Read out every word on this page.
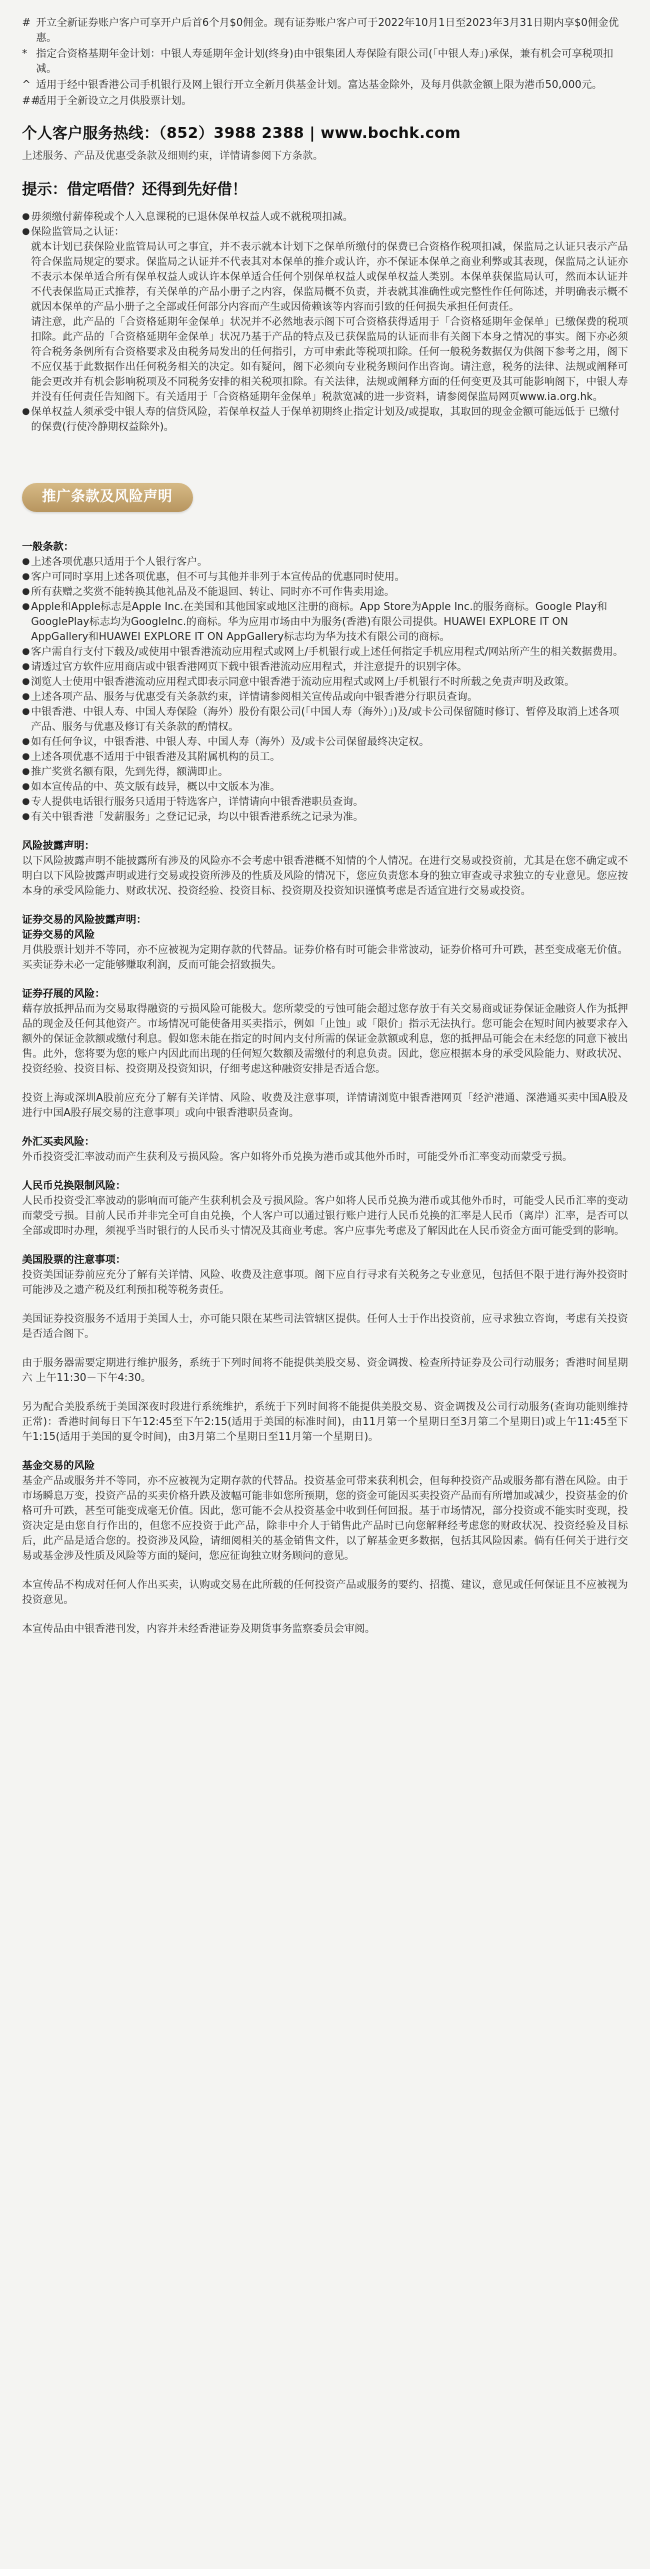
# 开立全新证券账户客户可享开户后首6个月$0佣金。现有证券账户客户可于2022年10月1日至2023年3月31日期内享$0佣金优惠。
* 指定合资格基期年金计划：中银人寿延期年金计划(终身)由中银集团人寿保险有限公司(「中银人寿」)承保，兼有机会可享税项扣减。
^ 适用于经中银香港公司手机银行及网上银行开立全新月供基金计划。富达基金除外，及每月供款金额上限为港币50,000元。
##
适用于全新设立之月供股票计划。
个人客户服务热线：（852）3988 2388 | www.bochk.com
上述服务、产品及优惠受条款及细则约束，详情请参阅下方条款。
提示：借定唔借？还得到先好借！
● 毋须缴付薪俸税或个人入息课税的已退休保单权益人或不就税项扣减。
● 保险监管局之认证：
就本计划已获保险业监管局认可之事宜，并不表示就本计划下之保单所缴付的保费已合资格作税项扣减，保监局之认证只表示产品符合保监局规定的要求。保监局之认证并不代表其对本保单的推介或认许，亦不保证本保单之商业利弊或其表现，保监局之认证亦不表示本保单适合所有保单权益人或认许本保单适合任何个别保单权益人或保单权益人类别。本保单获保监局认可，然而本认证并不代表保监局正式推荐，有关保单的产品小册子之内容，保监局概不负责，并表就其准确性或完整性作任何陈述，并明确表示概不就因本保单的产品小册子之全部或任何部分内容而产生或因倚赖该等内容而引致的任何损失承担任何责任。
请注意，此产品的「合资格延期年金保单」状况并不必然地表示阁下可合资格获得适用于「合资格延期年金保单」已缴保费的税项扣除。此产品的「合资格延期年金保单」状况乃基于产品的特点及已获保监局的认证而非有关阁下本身之情况的事实。阁下亦必须符合税务条例所有合资格要求及由税务局发出的任何指引，方可申索此等税项扣除。任何一般税务数据仅为供阁下参考之用，阁下不应仅基于此数据作出任何税务相关的决定。如有疑问，阁下必须向专业税务顾问作出咨询。请注意，税务的法律、法规或阐释可能会更改并有机会影响税项及不同税务安排的相关税项扣除。有关法律，法规或阐释方面的任何变更及其可能影响阁下，中银人寿并没有任何责任告知阁下。有关适用于「合资格延期年金保单」税款宽减的进一步资料，请参阅保监局网页www.ia.org.hk。
● 保单权益人须承受中银人寿的信贷风险，若保单权益人于保单初期终止指定计划及/或提取，其取回的现金金额可能远低于 已缴付的保费(行使冷静期权益除外)。
推广条款及风险声明
一般条款：
● 上述各项优惠只适用于个人银行客户。
● 客户可同时享用上述各项优惠，但不可与其他并非列于本宣传品的优惠同时使用。
● 所有获赠之奖赏不能转换其他礼品及不能退回、转让、同时亦不可作售卖用途。
● Apple和Apple标志是Apple Inc.在美国和其他国家或地区注册的商标。App Store为Apple Inc.的服务商标。Google Play和GooglePlay标志均为GoogleInc.的商标。华为应用市场由中为服务(香港)有限公司提供。HUAWEI EXPLORE IT ON AppGallery和HUAWEI EXPLORE IT ON AppGallery标志均为华为技术有限公司的商标。
● 客户需自行支付下载及/或使用中银香港流动应用程式或网上/手机银行或上述任何指定手机应用程式/网站所产生的相关数据费用。
● 请透过官方软件应用商店或中银香港网页下载中银香港流动应用程式，并注意提升的识别字体。
● 浏览人士使用中银香港流动应用程式即表示同意中银香港于流动应用程式或网上/手机银行不时所载之免责声明及政策。
● 上述各项产品、服务与优惠受有关条款约束，详情请参阅相关宣传品或向中银香港分行职员查询。
● 中银香港、中银人寿、中国人寿保险（海外）股份有限公司(「中国人寿（海外）」)及/或卡公司保留随时修订、暂停及取消上述各项产品、服务与优惠及修订有关条款的酌情权。
● 如有任何争议，中银香港、中银人寿、中国人寿（海外）及/或卡公司保留最终决定权。
● 上述各项优惠不适用于中银香港及其附属机构的员工。
● 推广奖赏名额有限，先到先得，额满即止。
● 如本宣传品的中、英文版有歧异，概以中文版本为准。
● 专人提供电话银行服务只适用于特选客户，详情请向中银香港职员查询。
● 有关中银香港「发薪服务」之登记记录，均以中银香港系统之记录为准。
风险披露声明：
以下风险披露声明不能披露所有涉及的风险亦不会考虑中银香港概不知情的个人情况。在进行交易或投资前，尤其是在您不确定或不明白以下风险披露声明或进行交易或投资所涉及的性质及风险的情况下，您应负责您本身的独立审查或寻求独立的专业意见。您应按本身的承受风险能力、财政状况、投资经验、投资目标、投资期及投资知识谨慎考虑是否适宜进行交易或投资。
证券交易的风险披露声明：
证券交易的风险
月供股票计划并不等同，亦不应被视为定期存款的代替品。证券价格有时可能会非常波动，证券价格可升可跌，甚至变成毫无价值。买卖证券未必一定能够赚取利润，反而可能会招致损失。
证券孖展的风险：
藉存放抵押品而为交易取得融资的亏损风险可能极大。您所蒙受的亏蚀可能会超过您存放于有关交易商或证券保证金融资人作为抵押品的现金及任何其他资产。市场情况可能使备用买卖指示，例如「止蚀」或「限价」指示无法执行。您可能会在短时间内被要求存入额外的保证金款额或缴付利息。假如您未能在指定的时间内支付所需的保证金款额或利息，您的抵押品可能会在未经您的同意下被出售。此外，您将要为您的账户内因此而出现的任何短欠数额及需缴付的利息负责。因此，您应根据本身的承受风险能力、财政状况、投资经验、投资目标、投资期及投资知识，仔细考虑这种融资安排是否适合您。
投资上海或深圳A股前应充分了解有关详情、风险、收费及注意事项，详情请浏览中银香港网页「经沪港通、深港通买卖中国A股及进行中国A股孖展交易的注意事项」或向中银香港职员查询。
外汇买卖风险：
外币投资受汇率波动而产生获利及亏损风险。客户如将外币兑换为港币或其他外币时，可能受外币汇率变动而蒙受亏损。
人民币兑换限制风险：
人民币投资受汇率波动的影响而可能产生获利机会及亏损风险。客户如将人民币兑换为港币或其他外币时，可能受人民币汇率的变动而蒙受亏损。目前人民币并非完全可自由兑换，个人客户可以通过银行账户进行人民币兑换的汇率是人民币（离岸）汇率，是否可以全部或即时办理，须视乎当时银行的人民币头寸情况及其商业考虑。客户应事先考虑及了解因此在人民币资金方面可能受到的影响。
美国股票的注意事项：
投资美国证券前应充分了解有关详情、风险、收费及注意事项。阁下应自行寻求有关税务之专业意见，包括但不限于进行海外投资时可能涉及之遗产税及红利预扣税等税务责任。
美国证券投资服务不适用于美国人士，亦可能只限在某些司法管辖区提供。任何人士于作出投资前，应寻求独立咨询，考虑有关投资是否适合阁下。
由于服务器需要定期进行维护服务，系统于下列时间将不能提供美股交易、资金调拨、检查所持证券及公司行动服务；香港时间星期六 上午11:30－下午4:30。
另为配合美股系统于美国深夜时段进行系统维护，系统于下列时间将不能提供美股交易、资金调拨及公司行动服务(查询功能则维持正常)：香港时间每日下午12:45至下午2:15(适用于美国的标准时间)，由11月第一个星期日至3月第二个星期日)或上午11:45至下午1:15(适用于美国的夏令时间)，由3月第二个星期日至11月第一个星期日)。
基金交易的风险
基金产品或服务并不等同，亦不应被视为定期存款的代替品。投资基金可带来获利机会，但每种投资产品或服务都有潜在风险。由于市场瞬息万变，投资产品的买卖价格升跌及波幅可能非如您所预期，您的资金可能因买卖投资产品而有所增加或减少，投资基金的价格可升可跌，甚至可能变成毫无价值。因此，您可能不会从投资基金中收到任何回报。基于市场情况，部分投资或不能实时变现，投资决定是由您自行作出的，但您不应投资于此产品，除非中介人于销售此产品时已向您解释经考虑您的财政状况、投资经验及目标后，此产品是适合您的。投资涉及风险，请细阅相关的基金销售文件，以了解基金更多数据，包括其风险因素。倘有任何关于进行交易或基金涉及性质及风险等方面的疑问，您应征询独立财务顾问的意见。
本宣传品不构成对任何人作出买卖，认购或交易在此所载的任何投资产品或服务的要约、招揽、建议，意见或任何保证且不应被视为投资意见。
本宣传品由中银香港刊发，内容并未经香港证券及期货事务监察委员会审阅。
